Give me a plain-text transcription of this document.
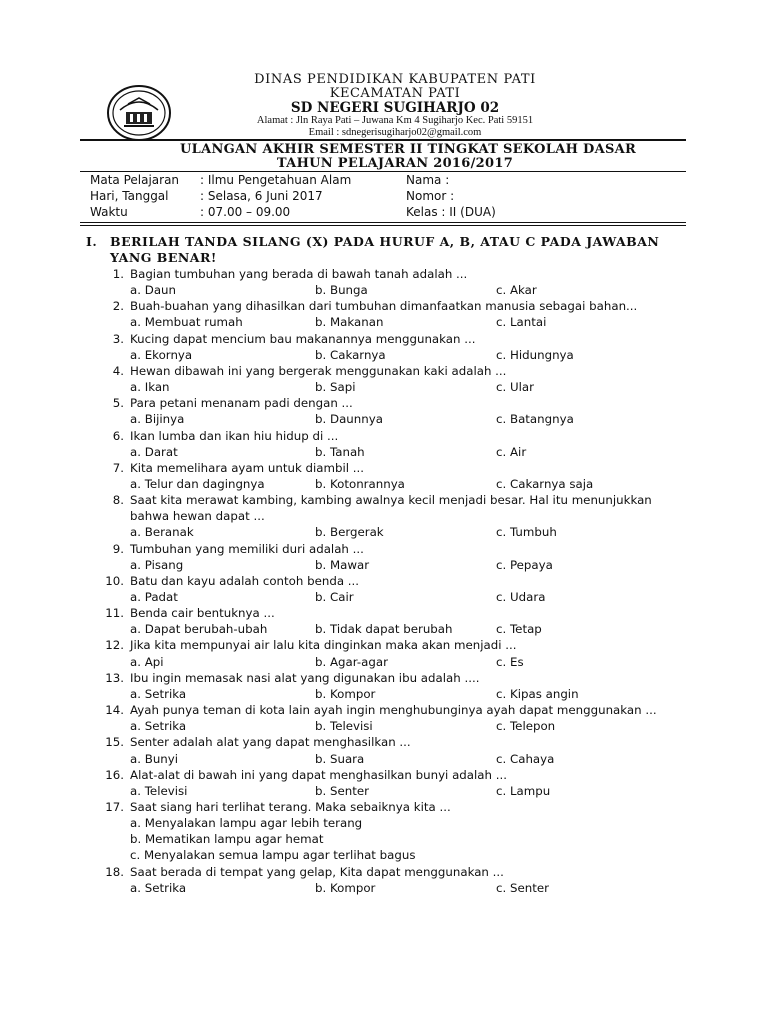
DINAS PENDIDIKAN KABUPATEN PATI
KECAMATAN PATI
SD NEGERI SUGIHARJO 02
Alamat : Jln Raya Pati – Juwana Km 4 Sugiharjo Kec. Pati 59151
Email : sdnegerisugiharjo02@gmail.com
ULANGAN AKHIR SEMESTER II TINGKAT SEKOLAH DASAR
TAHUN PELAJARAN 2016/2017
Mata Pelajaran : Ilmu Pengetahuan Alam	Nama :
Hari, Tanggal	: Selasa, 6 Juni 2017	Nomor :
Waktu	: 07.00 – 09.00	Kelas : II (DUA)
I. BERILAH TANDA SILANG (X) PADA HURUF A, B, ATAU C PADA JAWABAN
YANG BENAR!
1. Bagian tumbuhan yang berada di bawah tanah adalah ...
a. Daun	b. Bunga	c. Akar
2. Buah-buahan yang dihasilkan dari tumbuhan dimanfaatkan manusia sebagai bahan...
a. Membuat rumah	b. Makanan	c. Lantai
3. Kucing dapat mencium bau makanannya menggunakan ...
a. Ekornya	b. Cakarnya	c. Hidungnya
4. Hewan dibawah ini yang bergerak menggunakan kaki adalah ...
a. Ikan	b. Sapi	c. Ular
5. Para petani menanam padi dengan ...
a. Bijinya	b. Daunnya	c. Batangnya
6. Ikan lumba dan ikan hiu hidup di ...
a. Darat	b. Tanah	c. Air
7. Kita memelihara ayam untuk diambil ...
a. Telur dan dagingnya	b. Kotonrannya	c. Cakarnya saja
8. Saat kita merawat kambing, kambing awalnya kecil menjadi besar. Hal itu menunjukkan
bahwa hewan dapat ...
a. Beranak	b. Bergerak	c. Tumbuh
9. Tumbuhan yang memiliki duri adalah ...
a. Pisang	b. Mawar	c. Pepaya
10. Batu dan kayu adalah contoh benda ...
a. Padat	b. Cair	c. Udara
11. Benda cair bentuknya ...
a. Dapat berubah-ubah	b. Tidak dapat berubah	c. Tetap
12. Jika kita mempunyai air lalu kita dinginkan maka akan menjadi ...
a. Api	b. Agar-agar	c. Es
13. Ibu ingin memasak nasi alat yang digunakan ibu adalah ....
a. Setrika	b. Kompor	c. Kipas angin
14. Ayah punya teman di kota lain ayah ingin menghubunginya ayah dapat menggunakan ...
a. Setrika	b. Televisi	c. Telepon
15. Senter adalah alat yang dapat menghasilkan ...
a. Bunyi	b. Suara	c. Cahaya
16. Alat-alat di bawah ini yang dapat menghasilkan bunyi adalah ...
a. Televisi	b. Senter	c. Lampu
17. Saat siang hari terlihat terang. Maka sebaiknya kita ...
a. Menyalakan lampu agar lebih terang
b. Mematikan lampu agar hemat
c. Menyalakan semua lampu agar terlihat bagus
18. Saat berada di tempat yang gelap, Kita dapat menggunakan ...
a. Setrika	b. Kompor	c. Senter
